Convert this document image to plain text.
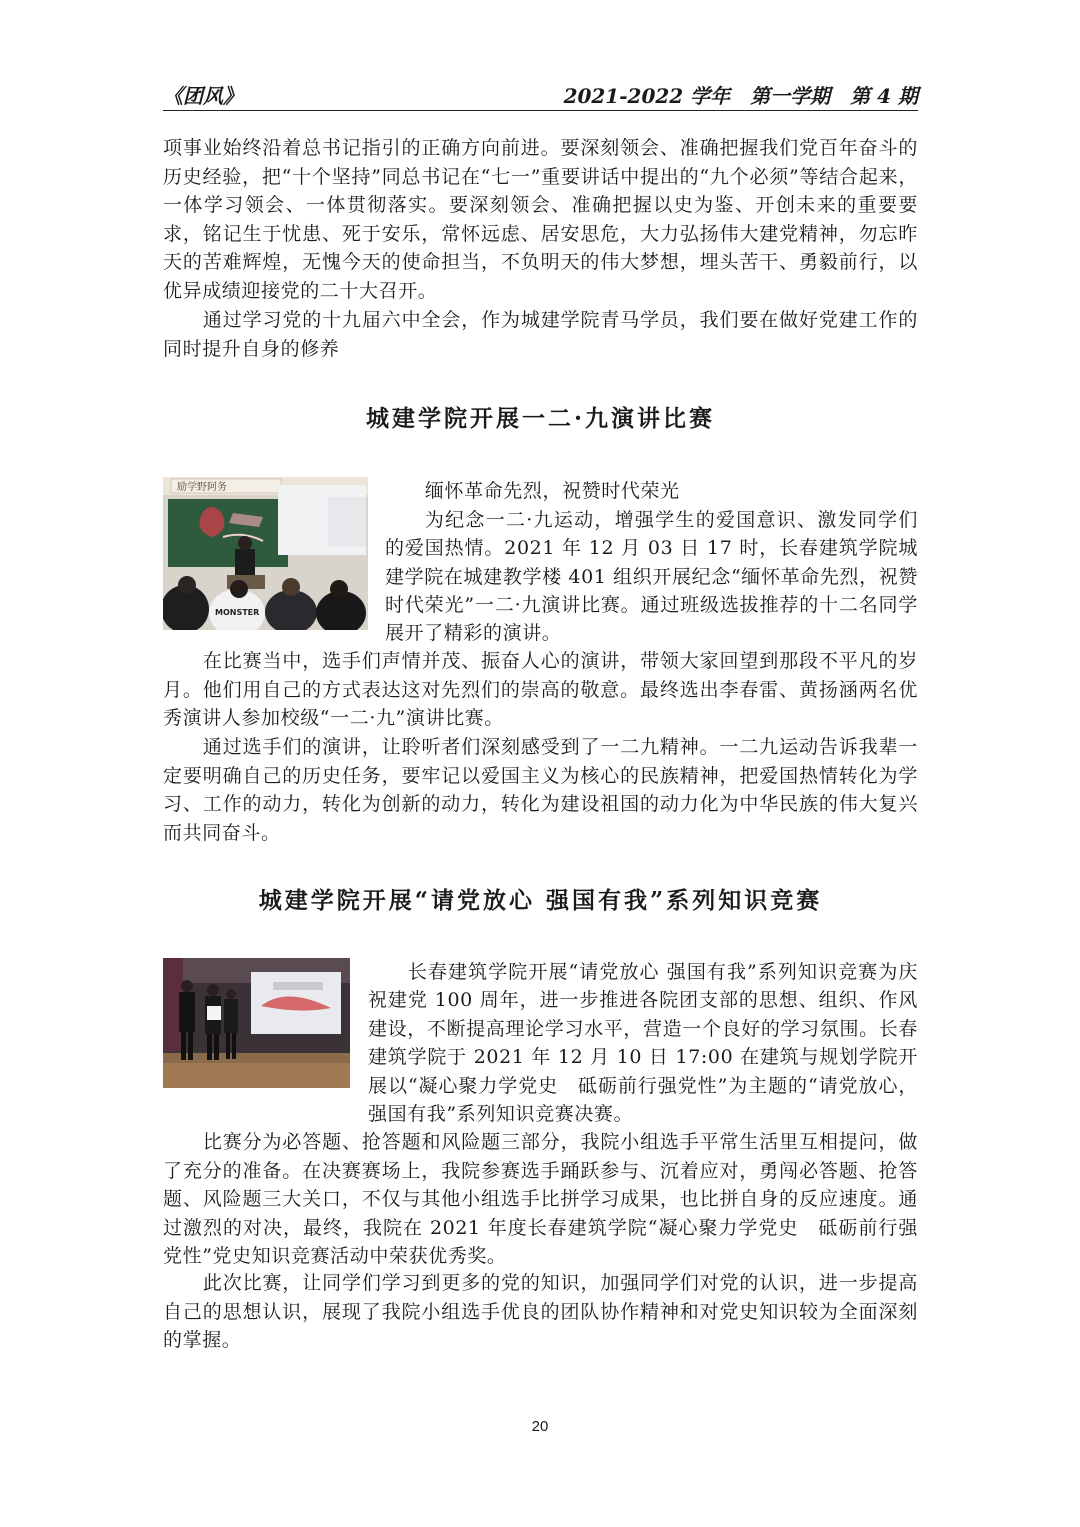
《团风》	2021-2022 学年　第一学期　第 4 期

项事业始终沿着总书记指引的正确方向前进。要深刻领会、准确把握我们党百年奋斗的历史经验，把“十个坚持”同总书记在“七一”重要讲话中提出的“九个必须”等结合起来，一体学习领会、一体贯彻落实。要深刻领会、准确把握以史为鉴、开创未来的重要要求，铭记生于忧患、死于安乐，常怀远虑、居安思危，大力弘扬伟大建党精神，勿忘昨天的苦难辉煌，无愧今天的使命担当，不负明天的伟大梦想，埋头苦干、勇毅前行，以优异成绩迎接党的二十大召开。

通过学习党的十九届六中全会，作为城建学院青马学员，我们要在做好党建工作的同时提升自身的修养

城建学院开展一二·九演讲比赛
励学野阿务
MONSTER

缅怀革命先烈，祝赞时代荣光

为纪念一二·九运动，增强学生的爱国意识、激发同学们的爱国热情。2021 年 12 月 03 日 17 时，长春建筑学院城建学院在城建教学楼 401 组织开展纪念“缅怀革命先烈，祝赞时代荣光”一二·九演讲比赛。通过班级选拔推荐的十二名同学展开了精彩的演讲。

在比赛当中，选手们声情并茂、振奋人心的演讲，带领大家回望到那段不平凡的岁月。他们用自己的方式表达这对先烈们的崇高的敬意。最终选出李春雷、黄扬涵两名优秀演讲人参加校级“一二·九”演讲比赛。

通过选手们的演讲，让聆听者们深刻感受到了一二九精神。一二九运动告诉我辈一定要明确自己的历史任务，要牢记以爱国主义为核心的民族精神，把爱国热情转化为学习、工作的动力，转化为创新的动力，转化为建设祖国的动力化为中华民族的伟大复兴而共同奋斗。

城建学院开展“请党放心 强国有我”系列知识竞赛

长春建筑学院开展“请党放心 强国有我”系列知识竞赛为庆祝建党 100 周年，进一步推进各院团支部的思想、组织、作风建设，不断提高理论学习水平，营造一个良好的学习氛围。长春建筑学院于 2021 年 12 月 10 日 17:00 在建筑与规划学院开展以“凝心聚力学党史　砥砺前行强党性”为主题的“请党放心，强国有我”系列知识竞赛决赛。

比赛分为必答题、抢答题和风险题三部分，我院小组选手平常生活里互相提问，做了充分的准备。在决赛赛场上，我院参赛选手踊跃参与、沉着应对，勇闯必答题、抢答题、风险题三大关口，不仅与其他小组选手比拼学习成果，也比拼自身的反应速度。通过激烈的对决，最终，我院在 2021 年度长春建筑学院“凝心聚力学党史　砥砺前行强党性”党史知识竞赛活动中荣获优秀奖。

此次比赛，让同学们学习到更多的党的知识，加强同学们对党的认识，进一步提高自己的思想认识，展现了我院小组选手优良的团队协作精神和对党史知识较为全面深刻的掌握。

20
